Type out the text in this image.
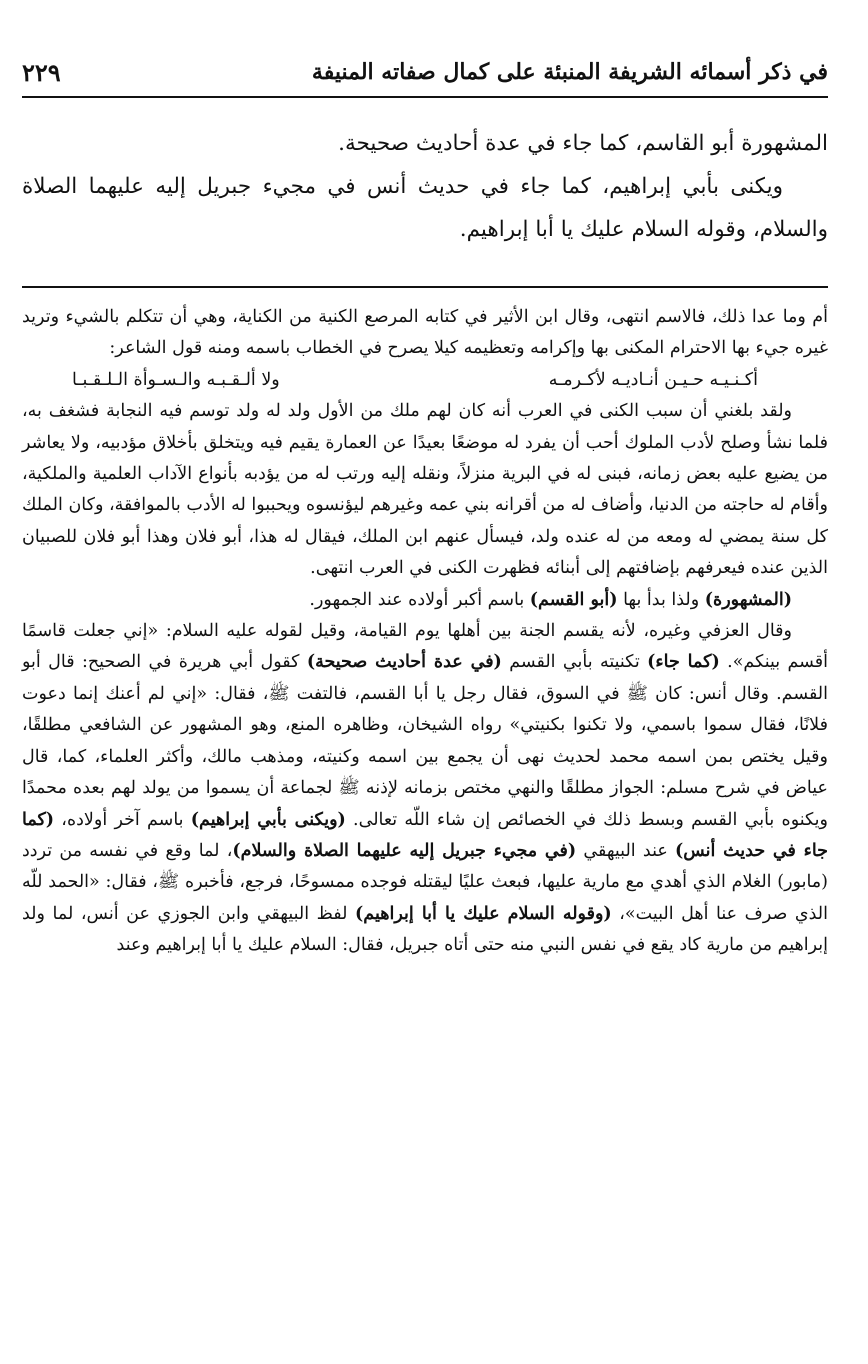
في ذكر أسمائه الشريفة المنبئة على كمال صفاته المنيفة
٢٢٩

المشهورة أبو القاسم، كما جاء في عدة أحاديث صحيحة.

ويكنى بأبي إبراهيم، كما جاء في حديث أنس في مجيء جبريل إليه عليهما الصلاة والسلام، وقوله السلام عليك يا أبا إبراهيم.

أم وما عدا ذلك، فالاسم انتهى، وقال ابن الأثير في كتابه المرصع الكنية من الكناية، وهي أن تتكلم بالشيء وتريد غيره جيء بها الاحترام المكنى بها وإكرامه وتعظيمه كيلا يصرح في الخطاب باسمه ومنه قول الشاعر:

أكـنـيـه حـيـن أنـاديـه لأكـرمـه
ولا ألـقـبـه والـسـوأة الـلـقـبـا

ولقد بلغني أن سبب الكنى في العرب أنه كان لهم ملك من الأول ولد له ولد توسم فيه النجابة فشغف به، فلما نشأ وصلح لأدب الملوك أحب أن يفرد له موضعًا بعيدًا عن العمارة يقيم فيه ويتخلق بأخلاق مؤدبيه، ولا يعاشر من يضيع عليه بعض زمانه، فبنى له في البرية منزلاً، ونقله إليه ورتب له من يؤدبه بأنواع الآداب العلمية والملكية، وأقام له حاجته من الدنيا، وأضاف له من أقرانه بني عمه وغيرهم ليؤنسوه ويحببوا له الأدب بالموافقة، وكان الملك كل سنة يمضي له ومعه من له عنده ولد، فيسأل عنهم ابن الملك، فيقال له هذا، أبو فلان وهذا أبو فلان للصبيان الذين عنده فيعرفهم بإضافتهم إلى أبنائه فظهرت الكنى في العرب انتهى.

(المشهورة) ولذا بدأ بها (أبو القسم) باسم أكبر أولاده عند الجمهور.

وقال العزفي وغيره، لأنه يقسم الجنة بين أهلها يوم القيامة، وقيل لقوله عليه السلام: «إني جعلت قاسمًا أقسم بينكم». (كما جاء) تكنيته بأبي القسم (في عدة أحاديث صحيحة) كقول أبي هريرة في الصحيح: قال أبو القسم. وقال أنس: كان ﷺ في السوق، فقال رجل يا أبا القسم، فالتفت ﷺ، فقال: «إني لم أعنك إنما دعوت فلانًا، فقال سموا باسمي، ولا تكنوا بكنيتي» رواه الشيخان، وظاهره المنع، وهو المشهور عن الشافعي مطلقًا، وقيل يختص بمن اسمه محمد لحديث نهى أن يجمع بين اسمه وكنيته، ومذهب مالك، وأكثر العلماء، كما، قال عياض في شرح مسلم: الجواز مطلقًا والنهي مختص بزمانه لإذنه ﷺ لجماعة أن يسموا من يولد لهم بعده محمدًا ويكنوه بأبي القسم وبسط ذلك في الخصائص إن شاء اللّه تعالى. (ويكنى بأبي إبراهيم) باسم آخر أولاده، (كما جاء في حديث أنس) عند البيهقي (في مجيء جبريل إليه عليهما الصلاة والسلام)، لما وقع في نفسه من تردد (مابور) الغلام الذي أهدي مع مارية عليها، فبعث عليًا ليقتله فوجده ممسوحًا، فرجع، فأخبره ﷺ، فقال: «الحمد للّه الذي صرف عنا أهل البيت»، (وقوله السلام عليك يا أبا إبراهيم) لفظ البيهقي وابن الجوزي عن أنس، لما ولد إبراهيم من مارية كاد يقع في نفس النبي منه حتى أتاه جبريل، فقال: السلام عليك يا أبا إبراهيم وعند
